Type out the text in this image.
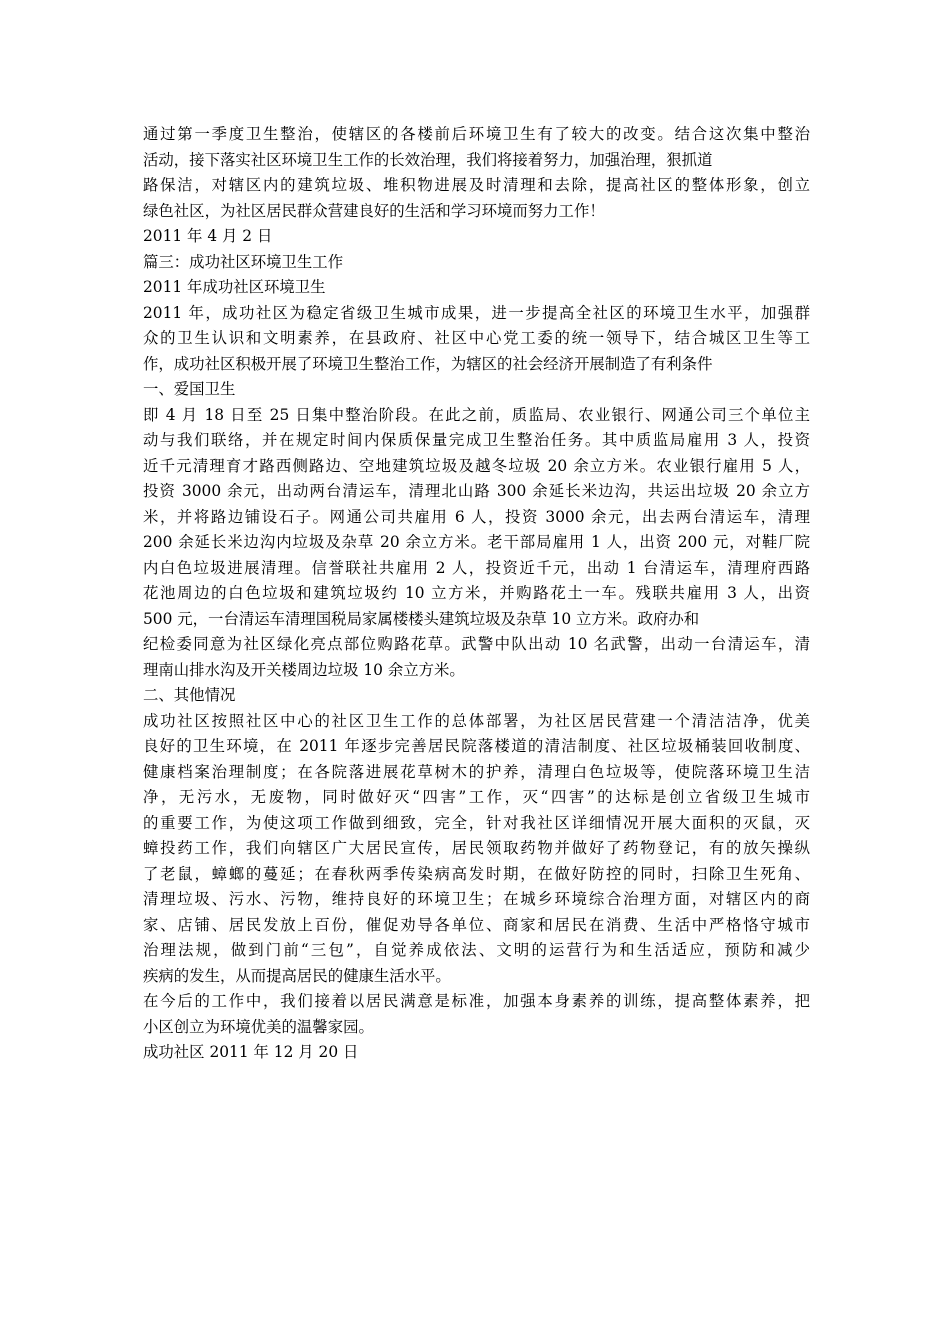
通过第一季度卫生整治，使辖区的各楼前后环境卫生有了较大的改变。结合这次集中整治
活动，接下落实社区环境卫生工作的长效治理，我们将接着努力，加强治理，狠抓道
路保洁，对辖区内的建筑垃圾、堆积物进展及时清理和去除，提高社区的整体形象，创立
绿色社区，为社区居民群众营建良好的生活和学习环境而努力工作！
2011 年 4 月 2 日
篇三：成功社区环境卫生工作
2011 年成功社区环境卫生
2011 年，成功社区为稳定省级卫生城市成果，进一步提高全社区的环境卫生水平，加强群
众的卫生认识和文明素养，在县政府、社区中心党工委的统一领导下，结合城区卫生等工
作，成功社区积极开展了环境卫生整治工作，为辖区的社会经济开展制造了有利条件
一、爱国卫生
即 4 月 18 日至 25 日集中整治阶段。在此之前，质监局、农业银行、网通公司三个单位主
动与我们联络，并在规定时间内保质保量完成卫生整治任务。其中质监局雇用 3 人，投资
近千元清理育才路西侧路边、空地建筑垃圾及越冬垃圾 20 余立方米。农业银行雇用 5 人，
投资 3000 余元，出动两台清运车，清理北山路 300 余延长米边沟，共运出垃圾 20 余立方
米，并将路边铺设石子。网通公司共雇用 6 人，投资 3000 余元，出去两台清运车，清理
200 余延长米边沟内垃圾及杂草 20 余立方米。老干部局雇用 1 人，出资 200 元，对鞋厂院
内白色垃圾进展清理。信誉联社共雇用 2 人，投资近千元，出动 1 台清运车，清理府西路
花池周边的白色垃圾和建筑垃圾约 10 立方米，并购路花土一车。残联共雇用 3 人，出资
500 元，一台清运车清理国税局家属楼楼头建筑垃圾及杂草 10 立方米。政府办和
纪检委同意为社区绿化亮点部位购路花草。武警中队出动 10 名武警，出动一台清运车，清
理南山排水沟及开关楼周边垃圾 10 余立方米。
二、其他情况
成功社区按照社区中心的社区卫生工作的总体部署，为社区居民营建一个清洁洁净，优美
良好的卫生环境，在 2011 年逐步完善居民院落楼道的清洁制度、社区垃圾桶装回收制度、
健康档案治理制度；在各院落进展花草树木的护养，清理白色垃圾等，使院落环境卫生洁
净，无污水，无废物，同时做好灭“四害”工作，灭“四害”的达标是创立省级卫生城市
的重要工作，为使这项工作做到细致，完全，针对我社区详细情况开展大面积的灭鼠，灭
蟑投药工作，我们向辖区广大居民宣传，居民领取药物并做好了药物登记，有的放矢操纵
了老鼠，蟑螂的蔓延；在春秋两季传染病高发时期，在做好防控的同时，扫除卫生死角、
清理垃圾、污水、污物，维持良好的环境卫生；在城乡环境综合治理方面，对辖区内的商
家、店铺、居民发放上百份，催促劝导各单位、商家和居民在消费、生活中严格恪守城市
治理法规，做到门前“三包”，自觉养成依法、文明的运营行为和生活适应，预防和减少
疾病的发生，从而提高居民的健康生活水平。
在今后的工作中，我们接着以居民满意是标准，加强本身素养的训练，提高整体素养，把
小区创立为环境优美的温馨家园。
成功社区 2011 年 12 月 20 日
